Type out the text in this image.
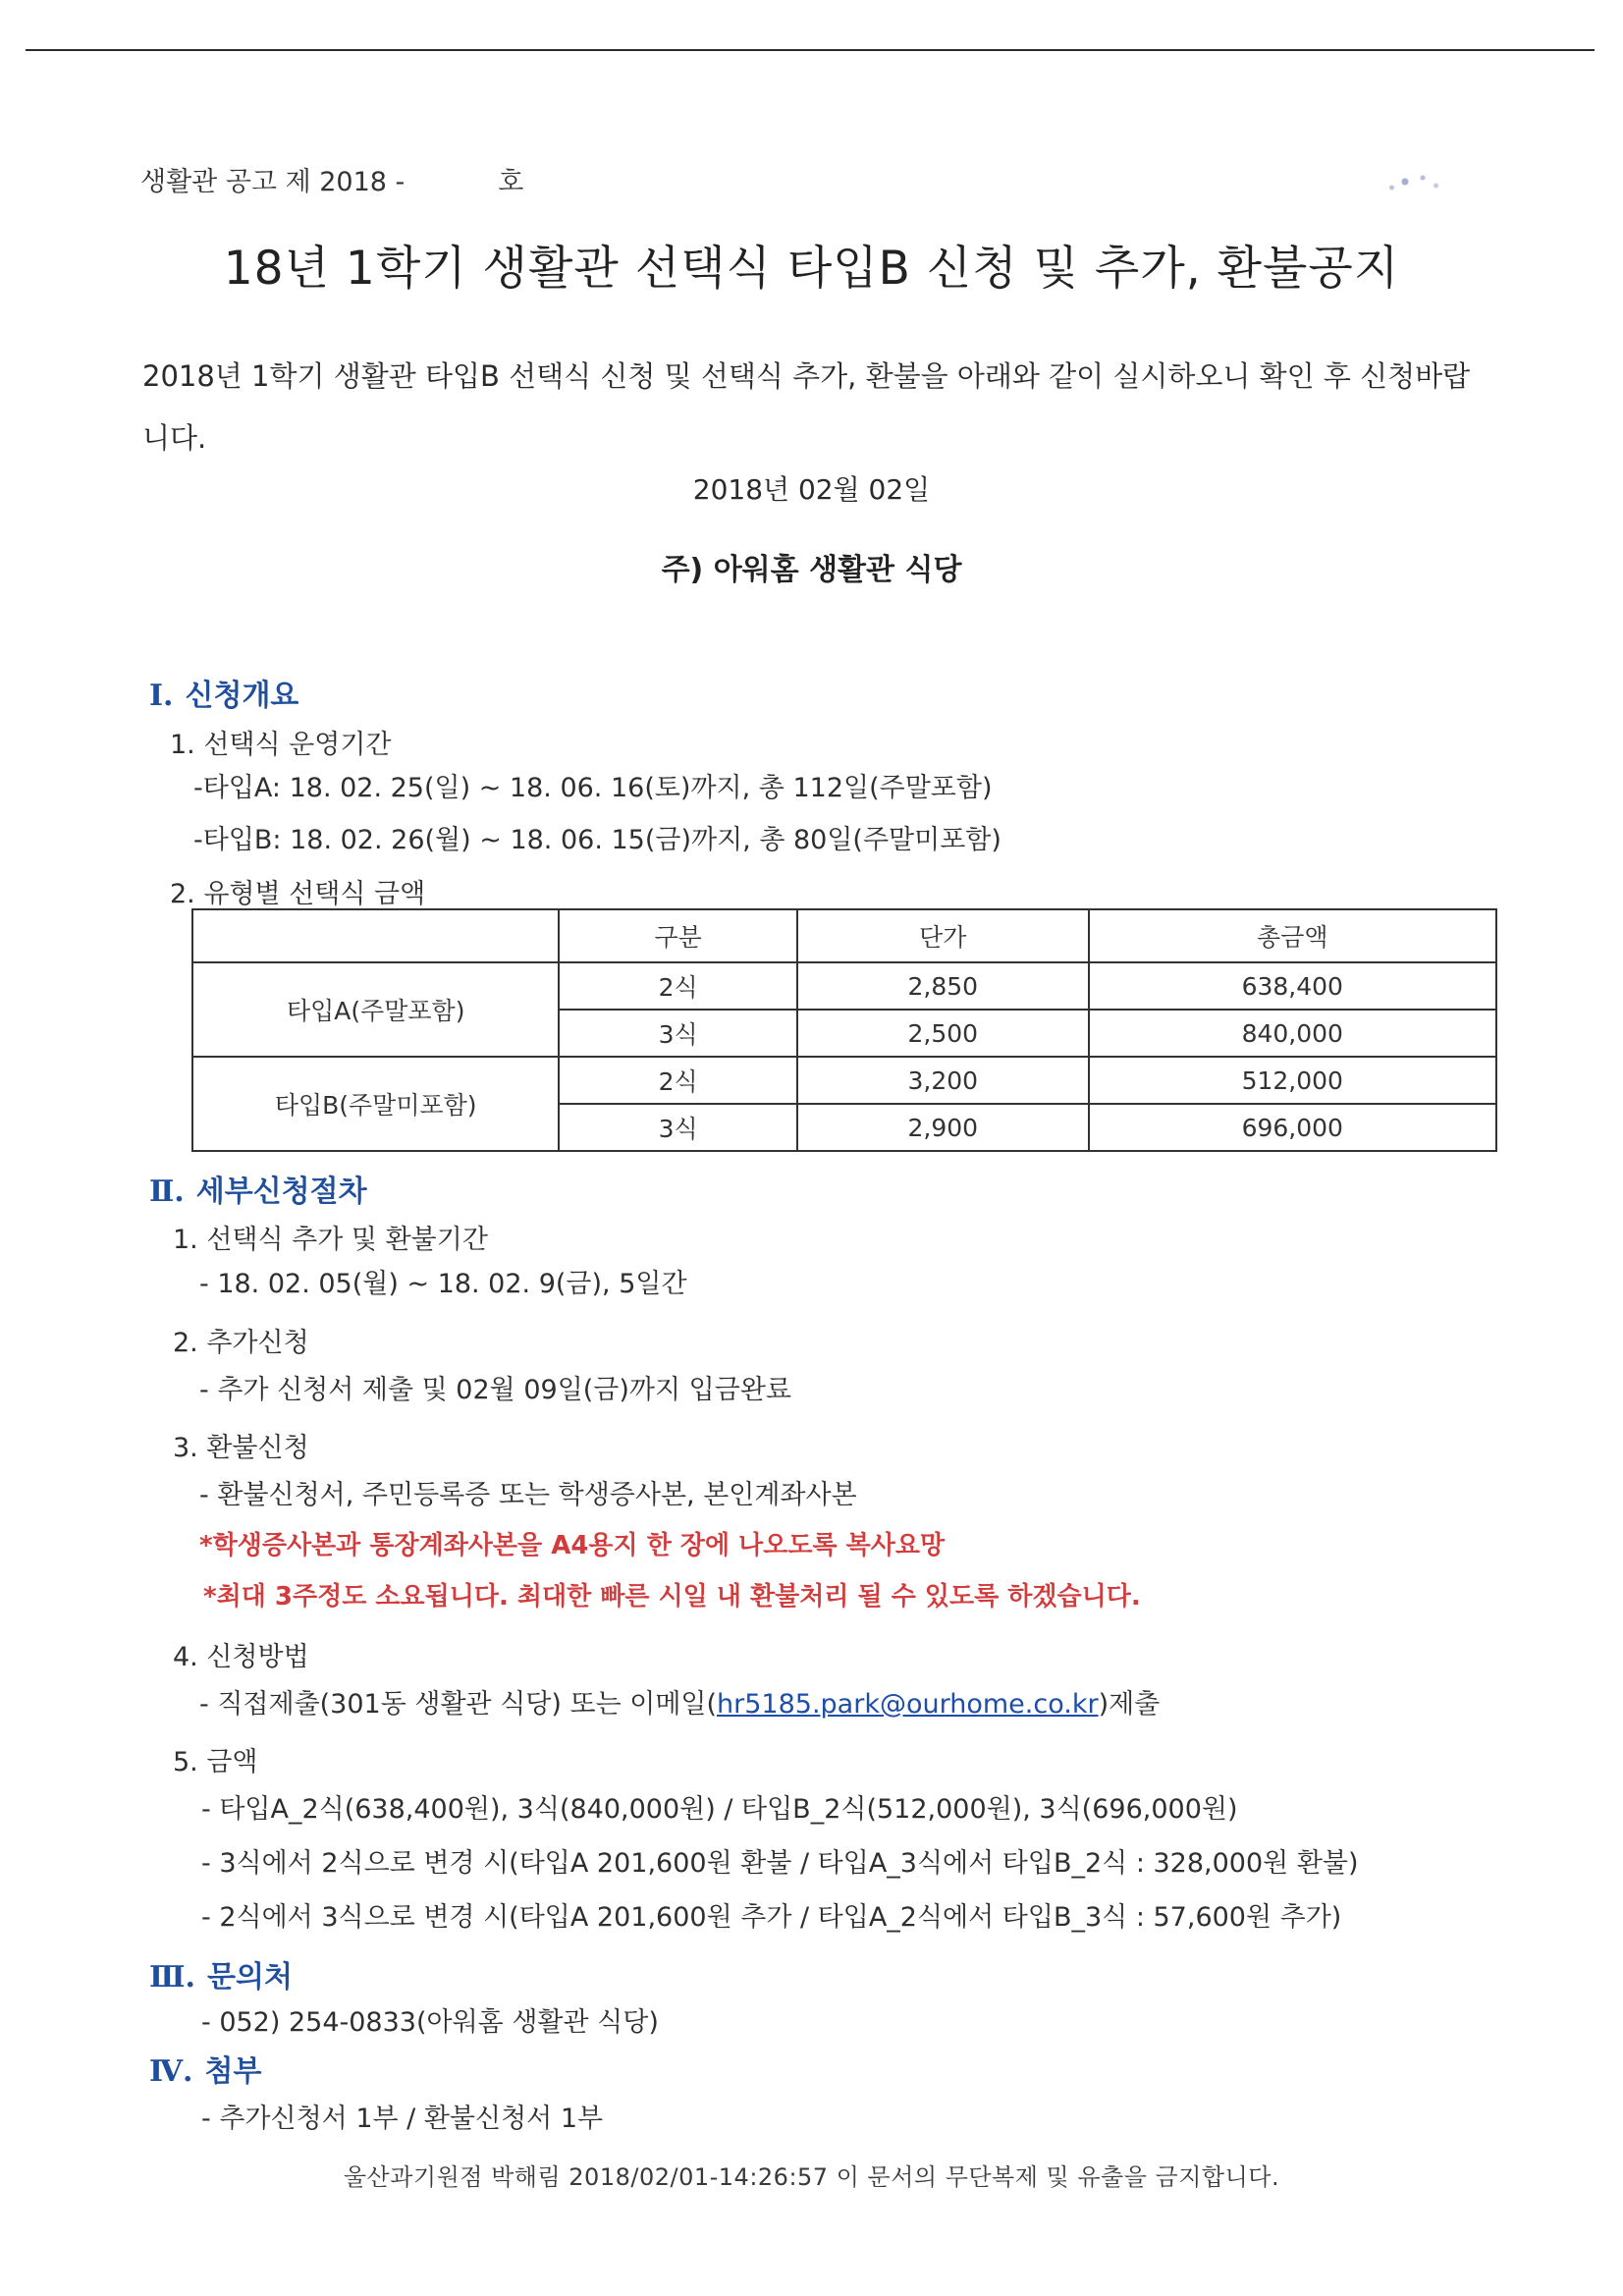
생활관 공고 제 2018 -	호
18년 1학기 생활관 선택식 타입B 신청 및 추가, 환불공지
2018년 1학기 생활관 타입B 선택식 신청 및 선택식 추가, 환불을 아래와 같이 실시하오니 확인 후 신청바랍니다.
2018년 02월 02일
주) 아워홈 생활관 식당
Ⅰ. 신청개요
1. 선택식 운영기간
-타입A: 18. 02. 25(일) ~ 18. 06. 16(토)까지, 총 112일(주말포함)
-타입B: 18. 02. 26(월) ~ 18. 06. 15(금)까지, 총 80일(주말미포함)
2. 유형별 선택식 금액
	구분	단가	총금액
타입A(주말포함)	2식	2,850	638,400
	3식	2,500	840,000
타입B(주말미포함)	2식	3,200	512,000
	3식	2,900	696,000
Ⅱ. 세부신청절차
1. 선택식 추가 및 환불기간
- 18. 02. 05(월) ~ 18. 02. 9(금), 5일간
2. 추가신청
- 추가 신청서 제출 및 02월 09일(금)까지 입금완료
3. 환불신청
- 환불신청서, 주민등록증 또는 학생증사본, 본인계좌사본
*학생증사본과 통장계좌사본을 A4용지 한 장에 나오도록 복사요망
*최대 3주정도 소요됩니다. 최대한 빠른 시일 내 환불처리 될 수 있도록 하겠습니다.
4. 신청방법
- 직접제출(301동 생활관 식당) 또는 이메일(hr5185.park@ourhome.co.kr)제출
5. 금액
- 타입A_2식(638,400원), 3식(840,000원) / 타입B_2식(512,000원), 3식(696,000원)
- 3식에서 2식으로 변경 시(타입A 201,600원 환불 / 타입A_3식에서 타입B_2식 : 328,000원 환불)
- 2식에서 3식으로 변경 시(타입A 201,600원 추가 / 타입A_2식에서 타입B_3식 : 57,600원 추가)
Ⅲ. 문의처
- 052) 254-0833(아워홈 생활관 식당)
Ⅳ. 첨부
- 추가신청서 1부 / 환불신청서 1부
울산과기원점 박해림 2018/02/01-14:26:57 이 문서의 무단복제 및 유출을 금지합니다.
